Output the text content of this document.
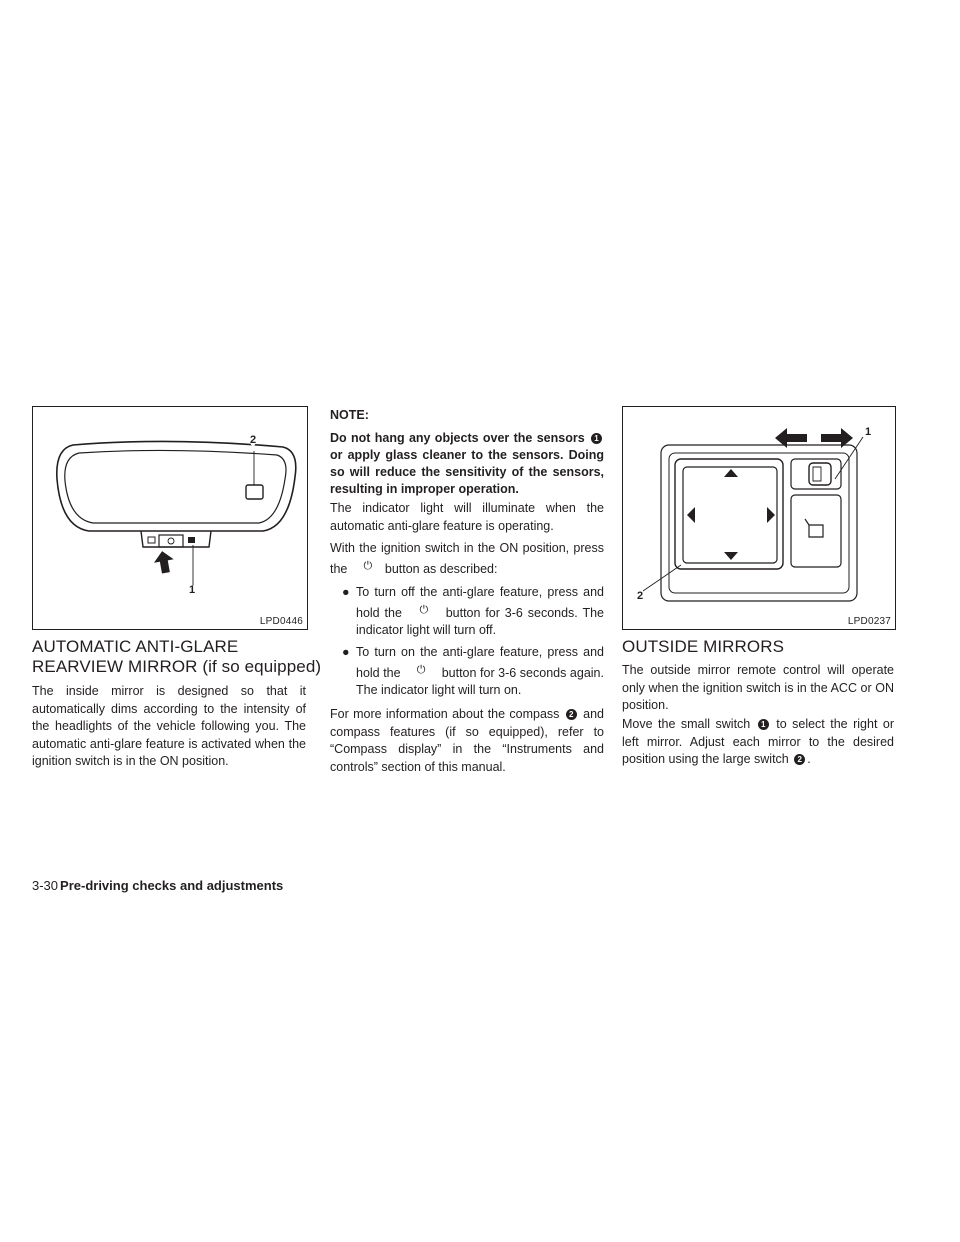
2
1
LPD0446
AUTOMATIC ANTI-GLARE
REARVIEW MIRROR (if so equipped)

The inside mirror is designed so that it automatically dims according to the intensity of the headlights of the vehicle following you. The automatic anti-glare feature is activated when the ignition switch is in the ON position.

NOTE:

Do not hang any objects over the sensors 1 or apply glass cleaner to the sensors. Doing so will reduce the sensitivity of the sensors, resulting in improper operation.

The indicator light will illuminate when the automatic anti-glare feature is operating.

With the ignition switch in the ON position, press the ⏻ button as described:

● To turn off the anti-glare feature, press and hold the ⏻ button for 3-6 seconds. The indicator light will turn off.
● To turn on the anti-glare feature, press and hold the ⏻ button for 3-6 seconds again. The indicator light will turn on.

For more information about the compass 2 and compass features (if so equipped), refer to “Compass display” in the “Instruments and controls” section of this manual.

1
2
LPD0237
OUTSIDE MIRRORS

The outside mirror remote control will operate only when the ignition switch is in the ACC or ON position.

Move the small switch 1 to select the right or left mirror. Adjust each mirror to the desired position using the large switch 2 .

3-30 Pre-driving checks and adjustments
